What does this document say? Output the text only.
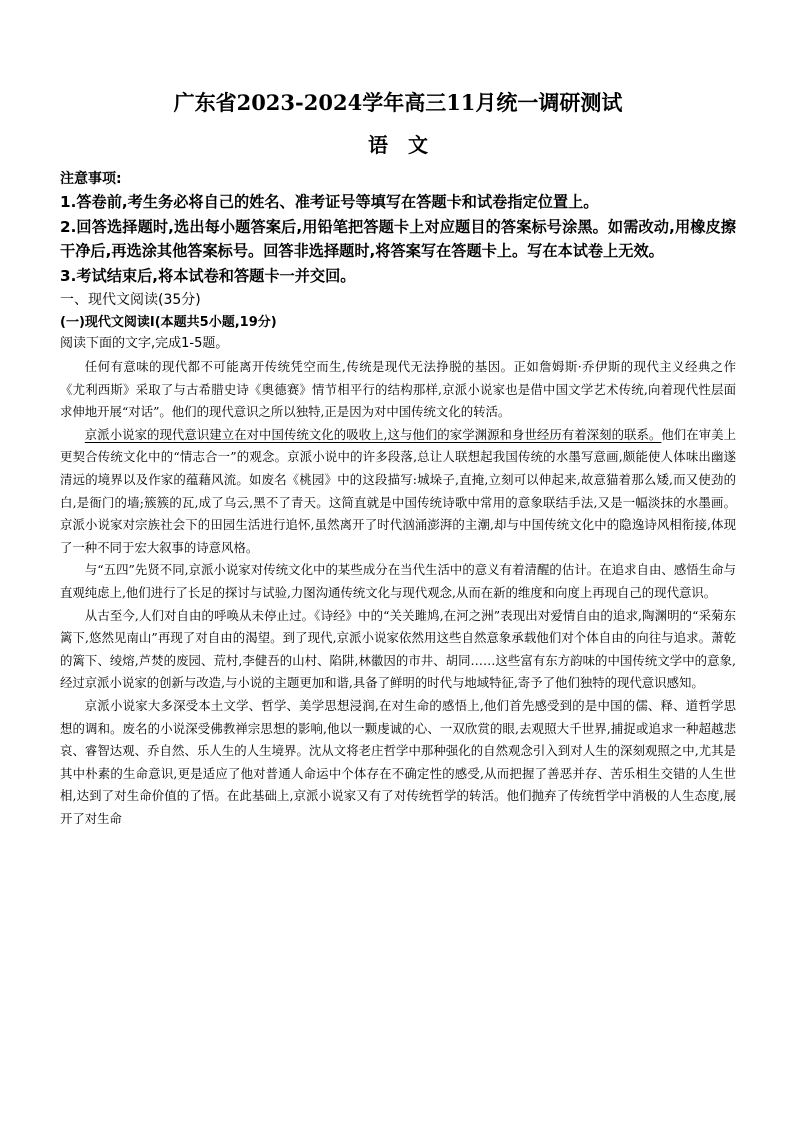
广东省2023-2024学年高三11月统一调研测试
语文

注意事项:

1.答卷前,考生务必将自己的姓名、准考证号等填写在答题卡和试卷指定位置上。

2.回答选择题时,选出每小题答案后,用铅笔把答题卡上对应题目的答案标号涂黑。如需改动,用橡皮擦干净后,再选涂其他答案标号。回答非选择题时,将答案写在答题卡上。写在本试卷上无效。

3.考试结束后,将本试卷和答题卡一并交回。

一、现代文阅读(35分)

(一)现代文阅读Ⅰ(本题共5小题,19分)

阅读下面的文字,完成1-5题。

任何有意味的现代都不可能离开传统凭空而生,传统是现代无法挣脱的基因。正如詹姆斯·乔伊斯的现代主义经典之作《尤利西斯》采取了与古希腊史诗《奥德赛》情节相平行的结构那样,京派小说家也是借中国文学艺术传统,向着现代性层面求伸地开展“对话”。他们的现代意识之所以独特,正是因为对中国传统文化的转活。

京派小说家的现代意识建立在对中国传统文化的吸收上,这与他们的家学渊源和身世经历有着深刻的联系。他们在审美上更契合传统文化中的“情志合一”的观念。京派小说中的许多段落,总让人联想起我国传统的水墨写意画,颇能使人体味出幽遂清远的境界以及作家的蕴藉风流。如废名《桃园》中的这段描写:城垛子,直掩,立刻可以伸起来,故意猫着那么矮,而又使劲的白,是衙门的墙;簇簇的瓦,成了乌云,黑不了青天。这简直就是中国传统诗歌中常用的意象联结手法,又是一幅淡抹的水墨画。京派小说家对宗族社会下的田园生活进行追怀,虽然离开了时代汹涌澎湃的主潮,却与中国传统文化中的隐逸诗风相衔接,体现了一种不同于宏大叙事的诗意风格。

与“五四”先贤不同,京派小说家对传统文化中的某些成分在当代生活中的意义有着清醒的估计。在追求自由、感悟生命与直观纯虑上,他们进行了长足的探讨与试验,力图沟通传统文化与现代观念,从而在新的维度和向度上再现自己的现代意识。

从古至今,人们对自由的呼唤从未停止过。《诗经》中的“关关雎鸠,在河之洲”表现出对爱情自由的追求,陶渊明的“采菊东篱下,悠然见南山”再现了对自由的渴望。到了现代,京派小说家依然用这些自然意象承载他们对个体自由的向往与追求。萧乾的篱下、绫熔,芦焚的废园、荒村,李健吾的山村、陷阱,林徽因的市井、胡同……这些富有东方韵味的中国传统文学中的意象,经过京派小说家的创新与改造,与小说的主题更加和谐,具备了鲜明的时代与地域特征,寄予了他们独特的现代意识感知。

京派小说家大多深受本土文学、哲学、美学思想浸润,在对生命的感悟上,他们首先感受到的是中国的儒、释、道哲学思想的调和。废名的小说深受佛教禅宗思想的影响,他以一颗虔诚的心、一双欣赏的眼,去观照大千世界,捕捉或追求一种超越悲哀、睿智达观、乔自然、乐人生的人生境界。沈从文将老庄哲学中那种强化的自然观念引入到对人生的深刻观照之中,尤其是其中朴素的生命意识,更是适应了他对普通人命运中个体存在不确定性的感受,从而把握了善恶并存、苦乐相生交错的人生世相,达到了对生命价值的了悟。在此基础上,京派小说家又有了对传统哲学的转活。他们抛弃了传统哲学中消极的人生态度,展开了对生命
